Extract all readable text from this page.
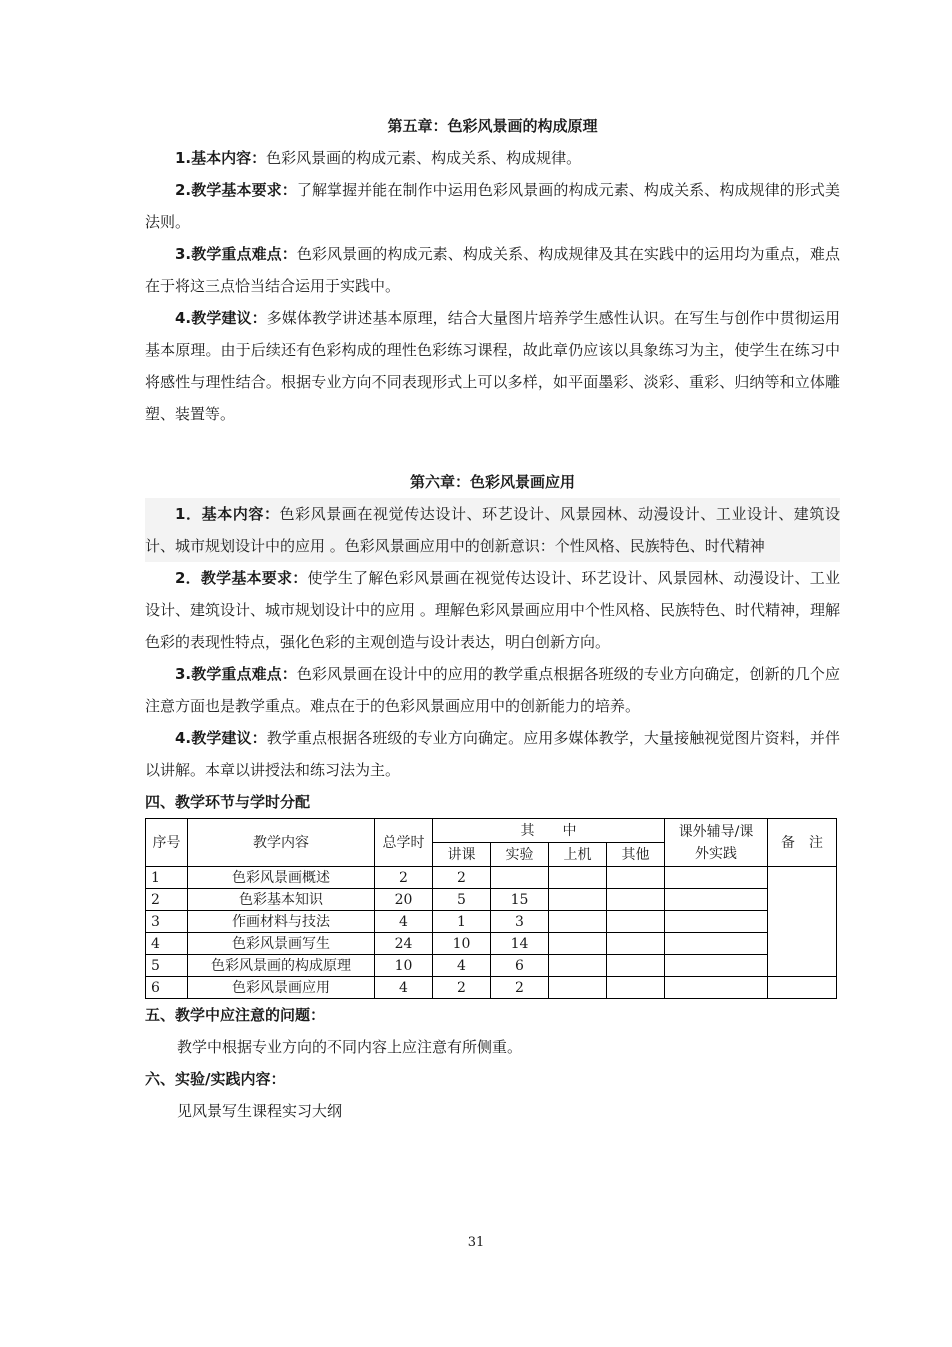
第五章：色彩风景画的构成原理
1.基本内容：色彩风景画的构成元素、构成关系、构成规律。
2.教学基本要求：了解掌握并能在制作中运用色彩风景画的构成元素、构成关系、构成规律的形式美法则。
3.教学重点难点：色彩风景画的构成元素、构成关系、构成规律及其在实践中的运用均为重点，难点在于将这三点恰当结合运用于实践中。
4.教学建议：多媒体教学讲述基本原理，结合大量图片培养学生感性认识。在写生与创作中贯彻运用基本原理。由于后续还有色彩构成的理性色彩练习课程，故此章仍应该以具象练习为主，使学生在练习中将感性与理性结合。根据专业方向不同表现形式上可以多样，如平面墨彩、淡彩、重彩、归纳等和立体雕塑、装置等。
第六章：色彩风景画应用
1．基本内容：色彩风景画在视觉传达设计、环艺设计、风景园林、动漫设计、工业设计、建筑设计、城市规划设计中的应用 。色彩风景画应用中的创新意识：个性风格、民族特色、时代精神
2．教学基本要求：使学生了解色彩风景画在视觉传达设计、环艺设计、风景园林、动漫设计、工业设计、建筑设计、城市规划设计中的应用 。理解色彩风景画应用中个性风格、民族特色、时代精神，理解色彩的表现性特点，强化色彩的主观创造与设计表达，明白创新方向。
3.教学重点难点：色彩风景画在设计中的应用的教学重点根据各班级的专业方向确定，创新的几个应注意方面也是教学重点。难点在于的色彩风景画应用中的创新能力的培养。
4.教学建议：教学重点根据各班级的专业方向确定。应用多媒体教学，大量接触视觉图片资料，并伴以讲解。本章以讲授法和练习法为主。
四、教学环节与学时分配
序号	教学内容	总学时	其　　中				课外辅导/课外实践	备　注
			讲课	实验	上机	其他		
1	色彩风景画概述	2	2					
2	色彩基本知识	20	5	15				
3	作画材料与技法	4	1	3				
4	色彩风景画写生	24	10	14				
5	色彩风景画的构成原理	10	4	6				
6	色彩风景画应用	4	2	2				
五、教学中应注意的问题：
教学中根据专业方向的不同内容上应注意有所侧重。
六、实验/实践内容：
见风景写生课程实习大纲
31
